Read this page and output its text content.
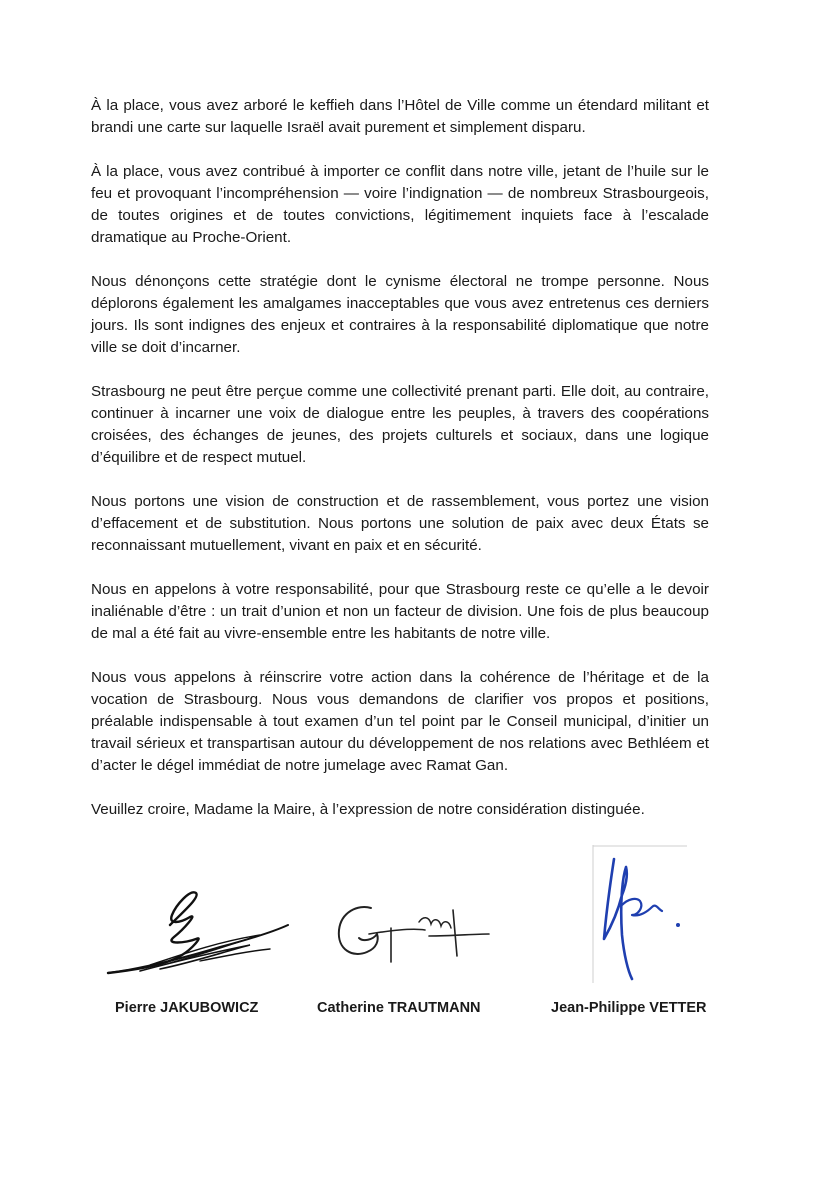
À la place, vous avez arboré le keffieh dans l’Hôtel de Ville comme un étendard militant et brandi une carte sur laquelle Israël avait purement et simplement disparu.

À la place, vous avez contribué à importer ce conflit dans notre ville, jetant de l’huile sur le feu et provoquant l’incompréhension — voire l’indignation — de nombreux Strasbourgeois, de toutes origines et de toutes convictions, légitimement inquiets face à l’escalade dramatique au Proche-Orient.

Nous dénonçons cette stratégie dont le cynisme électoral ne trompe personne. Nous déplorons également les amalgames inacceptables que vous avez entretenus ces derniers jours. Ils sont indignes des enjeux et contraires à la responsabilité diplomatique que notre ville se doit d’incarner.

Strasbourg ne peut être perçue comme une collectivité prenant parti. Elle doit, au contraire, continuer à incarner une voix de dialogue entre les peuples, à travers des coopérations croisées, des échanges de jeunes, des projets culturels et sociaux, dans une logique d’équilibre et de respect mutuel.

Nous portons une vision de construction et de rassemblement, vous portez une vision d’effacement et de substitution. Nous portons une solution de paix avec deux États se reconnaissant mutuellement, vivant en paix et en sécurité.

Nous en appelons à votre responsabilité, pour que Strasbourg reste ce qu’elle a le devoir inaliénable d’être : un trait d’union et non un facteur de division. Une fois de plus beaucoup de mal a été fait au vivre-ensemble entre les habitants de notre ville.

Nous vous appelons à réinscrire votre action dans la cohérence de l’héritage et de la vocation de Strasbourg. Nous vous demandons de clarifier vos propos et positions, préalable indispensable à tout examen d’un tel point par le Conseil municipal, d’initier un travail sérieux et transpartisan autour du développement de nos relations avec Bethléem et d’acter le dégel immédiat de notre jumelage avec Ramat Gan.

Veuillez croire, Madame la Maire, à l’expression de notre considération distinguée.

Pierre JAKUBOWICZ	Catherine TRAUTMANN	Jean-Philippe VETTER
